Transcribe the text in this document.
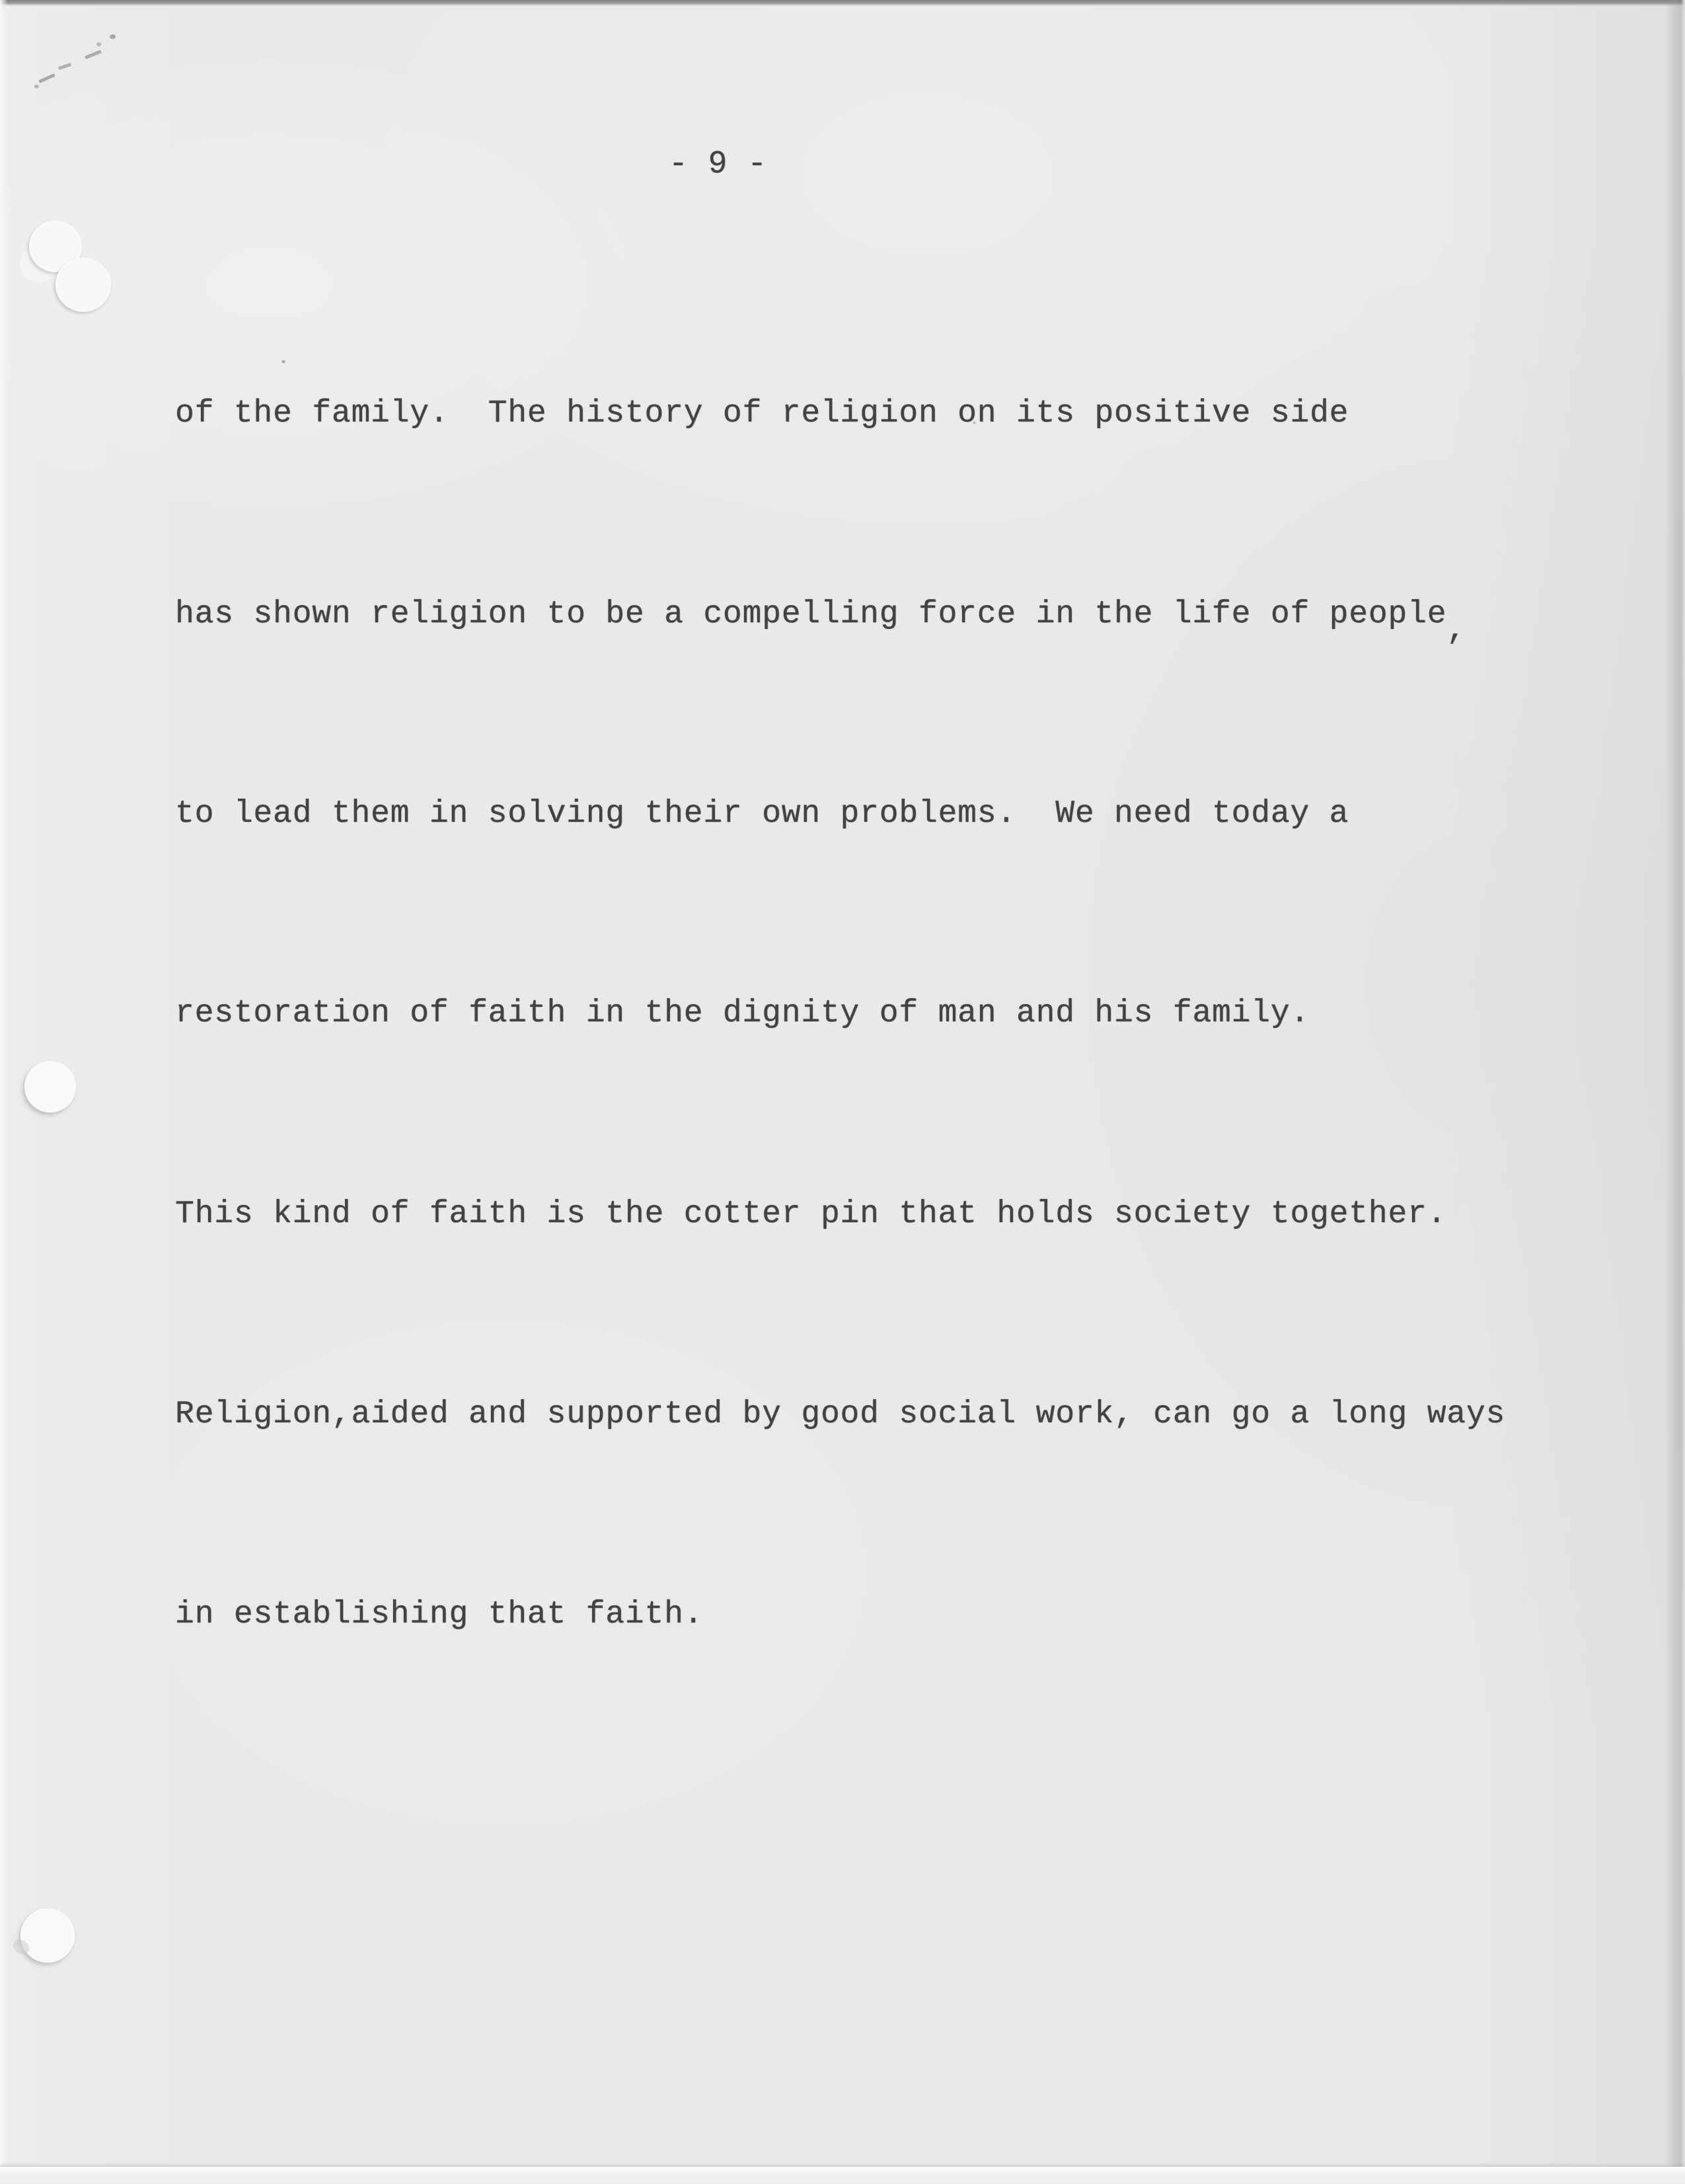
- 9 -

of the family.  The history of religion on its positive side

has shown religion to be a compelling force in the life of people,

to lead them in solving their own problems.  We need today a

restoration of faith in the dignity of man and his family.

This kind of faith is the cotter pin that holds society together.

Religion,aided and supported by good social work, can go a long ways

in establishing that faith.
